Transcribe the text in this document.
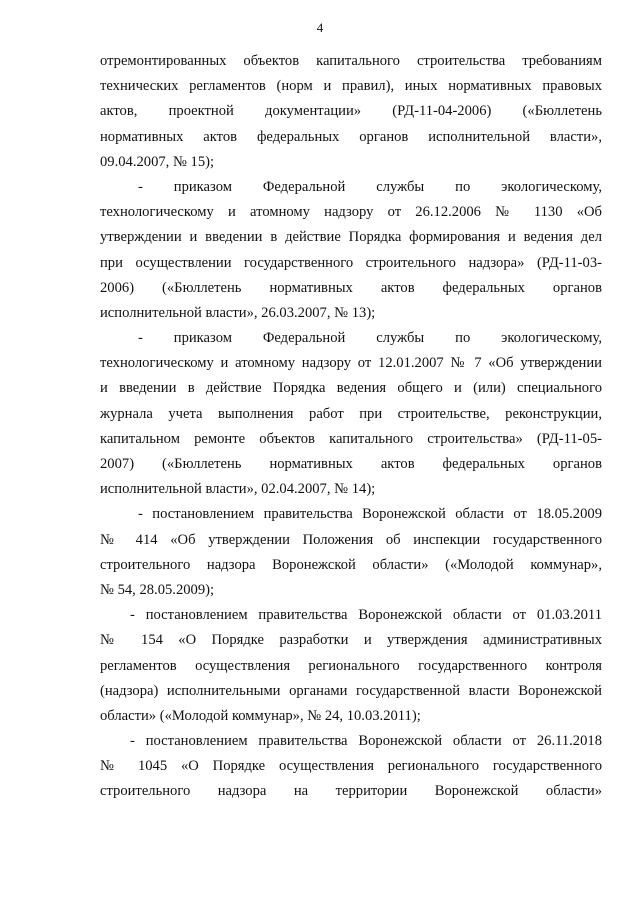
4
отремонтированных объектов капитального строительства требованиям
технических регламентов (норм и правил), иных нормативных правовых
актов, проектной документации» (РД-11-04-2006) («Бюллетень
нормативных актов федеральных органов исполнительной власти»,
09.04.2007, № 15);
- приказом Федеральной службы по экологическому,
технологическому и атомному надзору от 26.12.2006 № 1130 «Об
утверждении и введении в действие Порядка формирования и ведения дел
при осуществлении государственного строительного надзора» (РД-11-03-
2006) («Бюллетень нормативных актов федеральных органов
исполнительной власти», 26.03.2007, № 13);
- приказом Федеральной службы по экологическому,
технологическому и атомному надзору от 12.01.2007 № 7 «Об утверждении
и введении в действие Порядка ведения общего и (или) специального
журнала учета выполнения работ при строительстве, реконструкции,
капитальном ремонте объектов капитального строительства» (РД-11-05-
2007) («Бюллетень нормативных актов федеральных органов
исполнительной власти», 02.04.2007, № 14);
- постановлением правительства Воронежской области от 18.05.2009
№ 414 «Об утверждении Положения об инспекции государственного
строительного надзора Воронежской области» («Молодой коммунар»,
№ 54, 28.05.2009);
- постановлением правительства Воронежской области от 01.03.2011
№ 154 «О Порядке разработки и утверждения административных
регламентов осуществления регионального государственного контроля
(надзора) исполнительными органами государственной власти Воронежской
области» («Молодой коммунар», № 24, 10.03.2011);
- постановлением правительства Воронежской области от 26.11.2018
№ 1045 «О Порядке осуществления регионального государственного
строительного надзора на территории Воронежской области»
